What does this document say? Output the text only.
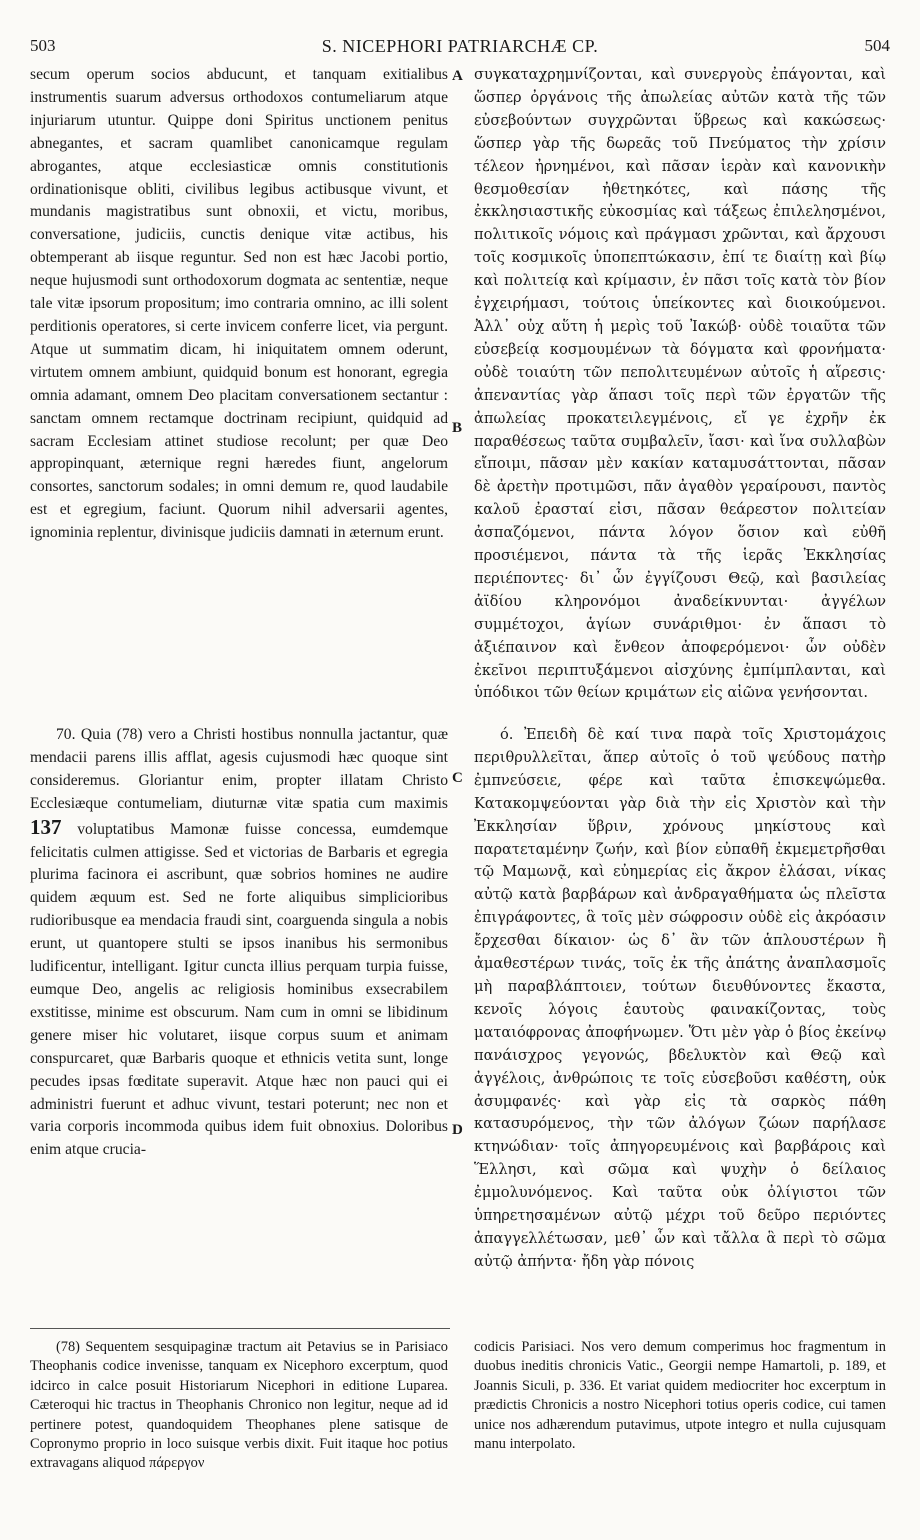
503	S. NICEPHORI PATRIARCHÆ CP.	504

secum operum socios abducunt, et tanquam exitialibus instrumentis suarum adversus orthodoxos contumeliarum atque injuriarum utuntur. Quippe doni Spiritus unctionem penitus abnegantes, et sacram quamlibet canonicamque regulam abrogantes, atque ecclesiasticæ omnis constitutionis ordinationisque obliti, civilibus legibus actibusque vivunt, et mundanis magistratibus sunt obnoxii, et victu, moribus, conversatione, judiciis, cunctis denique vitæ actibus, his obtemperant ab iisque reguntur. Sed non est hæc Jacobi portio, neque hujusmodi sunt orthodoxorum dogmata ac sententiæ, neque tale vitæ ipsorum propositum; imo contraria omnino, ac illi solent perditionis operatores, si certe invicem conferre licet, via pergunt. Atque ut summatim dicam, hi iniquitatem omnem oderunt, virtutem omnem ambiunt, quidquid bonum est honorant, egregia omnia adamant, omnem Deo placitam conversationem sectantur : sanctam omnem rectamque doctrinam recipiunt, quidquid ad sacram Ecclesiam attinet studiose recolunt; per quæ Deo appropinquant, æternique regni hæredes fiunt, angelorum consortes, sanctorum sodales; in omni demum re, quod laudabile est et egregium, faciunt. Quorum nihil adversarii agentes, ignominia replentur, divinisque judiciis damnati in æternum erunt.

συγκαταχρημνίζονται, καὶ συνεργοὺς ἐπάγονται, καὶ ὥσπερ ὀργάνοις τῆς ἀπωλείας αὐτῶν κατὰ τῆς τῶν εὐσεβούντων συγχρῶνται ὕβρεως καὶ κακώσεως· ὥσπερ γὰρ τῆς δωρεᾶς τοῦ Πνεύματος τὴν χρίσιν τέλεον ἠρνημένοι, καὶ πᾶσαν ἱερὰν καὶ κανονικὴν θεσμοθεσίαν ἠθετηκότες, καὶ πάσης τῆς ἐκκλησιαστικῆς εὐκοσμίας καὶ τάξεως ἐπιλελησμένοι, πολιτικοῖς νόμοις καὶ πράγμασι χρῶνται, καὶ ἄρχουσι τοῖς κοσμικοῖς ὑποπεπτώκασιν, ἐπί τε διαίτῃ καὶ βίῳ καὶ πολιτείᾳ καὶ κρίμασιν, ἐν πᾶσι τοῖς κατὰ τὸν βίον ἐγχειρήμασι, τούτοις ὑπείκοντες καὶ διοικούμενοι. Ἀλλ᾽ οὐχ αὕτη ἡ μερὶς τοῦ Ἰακώβ· οὐδὲ τοιαῦτα τῶν εὐσεβείᾳ κοσμουμένων τὰ δόγματα καὶ φρονήματα· οὐδὲ τοιαύτη τῶν πεπολιτευμένων αὐτοῖς ἡ αἵρεσις· ἀπεναντίας γὰρ ἅπασι τοῖς περὶ τῶν ἐργατῶν τῆς ἀπωλείας προκατειλεγμένοις, εἴ γε ἐχρῆν ἐκ παραθέσεως ταῦτα συμβαλεῖν, ἴασι· καὶ ἵνα συλλαβὼν εἴποιμι, πᾶσαν μὲν κακίαν καταμυσάττονται, πᾶσαν δὲ ἀρετὴν προτιμῶσι, πᾶν ἀγαθὸν γεραίρουσι, παντὸς καλοῦ ἐρασταί εἰσι, πᾶσαν θεάρεστον πολιτείαν ἀσπαζόμενοι, πάντα λόγον ὅσιον καὶ εὐθῆ προσιέμενοι, πάντα τὰ τῆς ἱερᾶς Ἐκκλησίας περιέποντες· δι᾽ ὧν ἐγγίζουσι Θεῷ, καὶ βασιλείας ἀϊδίου κληρονόμοι ἀναδείκνυνται· ἀγγέλων συμμέτοχοι, ἁγίων συνάριθμοι· ἐν ἅπασι τὸ ἀξιέπαινον καὶ ἔνθεον ἀποφερόμενοι· ὧν οὐδὲν ἐκεῖνοι περιπτυξάμενοι αἰσχύνης ἐμπίμπλανται, καὶ ὑπόδικοι τῶν θείων κριμάτων εἰς αἰῶνα γενήσονται.

70. Quia (78) vero a Christi hostibus nonnulla jactantur, quæ mendacii parens illis afflat, agesis cujusmodi hæc quoque sint consideremus. Gloriantur enim, propter illatam Christo Ecclesiæque contumeliam, diuturnæ vitæ spatia cum maximis 137 voluptatibus Mamonæ fuisse concessa, eumdemque felicitatis culmen attigisse. Sed et victorias de Barbaris et egregia plurima facinora ei ascribunt, quæ sobrios homines ne audire quidem æquum est. Sed ne forte aliquibus simplicioribus rudioribusque ea mendacia fraudi sint, coarguenda singula a nobis erunt, ut quantopere stulti se ipsos inanibus his sermonibus ludificentur, intelligant. Igitur cuncta illius perquam turpia fuisse, eumque Deo, angelis ac religiosis hominibus exsecrabilem exstitisse, minime est obscurum. Nam cum in omni se libidinum genere miser hic volutaret, iisque corpus suum et animam conspurcaret, quæ Barbaris quoque et ethnicis vetita sunt, longe pecudes ipsas fœditate superavit. Atque hæc non pauci qui ei administri fuerunt et adhuc vivunt, testari poterunt; nec non et varia corporis incommoda quibus idem fuit obnoxius. Doloribus enim atque crucia-

ό. Ἐπειδὴ δὲ καί τινα παρὰ τοῖς Χριστομάχοις περιθρυλλεῖται, ἅπερ αὐτοῖς ὁ τοῦ ψεύδους πατὴρ ἐμπνεύσειε, φέρε καὶ ταῦτα ἐπισκεψώμεθα. Κατακομψεύονται γὰρ διὰ τὴν εἰς Χριστὸν καὶ τὴν Ἐκκλησίαν ὕβριν, χρόνους μηκίστους καὶ παρατεταμένην ζωήν, καὶ βίον εὐπαθῆ ἐκμεμετρῆσθαι τῷ Μαμωνᾷ, καὶ εὐημερίας εἰς ἄκρον ἐλάσαι, νίκας αὐτῷ κατὰ βαρβάρων καὶ ἀνδραγαθήματα ὡς πλεῖστα ἐπιγράφοντες, ἃ τοῖς μὲν σώφροσιν οὐδὲ εἰς ἀκρόασιν ἔρχεσθαι δίκαιον· ὡς δ᾽ ἂν τῶν ἁπλουστέρων ἢ ἀμαθεστέρων τινάς, τοῖς ἐκ τῆς ἀπάτης ἀναπλασμοῖς μὴ παραβλάπτοιεν, τούτων διευθύνοντες ἕκαστα, κενοῖς λόγοις ἑαυτοὺς φαινακίζοντας, τοὺς ματαιόφρονας ἀποφήνωμεν. Ὅτι μὲν γὰρ ὁ βίος ἐκείνῳ πανάισχρος γεγονώς, βδελυκτὸν καὶ Θεῷ καὶ ἀγγέλοις, ἀνθρώποις τε τοῖς εὐσεβοῦσι καθέστη, οὐκ ἀσυμφανές· καὶ γὰρ εἰς τὰ σαρκὸς πάθη κατασυρόμενος, τὴν τῶν ἀλόγων ζώων παρήλασε κτηνώδιαν· τοῖς ἀπηγορευμένοις καὶ βαρβάροις καὶ Ἕλλησι, καὶ σῶμα καὶ ψυχὴν ὁ δείλαιος ἐμμολυνόμενος. Καὶ ταῦτα οὐκ ὀλίγιστοι τῶν ὑπηρετησαμένων αὐτῷ μέχρι τοῦ δεῦρο περιόντες ἀπαγγελλέτωσαν, μεθ᾽ ὧν καὶ τἄλλα ἃ περὶ τὸ σῶμα αὐτῷ ἀπήντα· ἤδη γὰρ πόνοις

A
B
C
D

(78) Sequentem sesquipaginæ tractum ait Petavius se in Parisiaco Theophanis codice invenisse, tanquam ex Nicephoro excerptum, quod idcirco in calce posuit Historiarum Nicephori in editione Luparea. Cæteroqui hic tractus in Theophanis Chronico non legitur, neque ad id pertinere potest, quandoquidem Theophanes plene satisque de Copronymo proprio in loco suisque verbis dixit. Fuit itaque hoc potius extravagans aliquod πάρεργον

codicis Parisiaci. Nos vero demum comperimus hoc fragmentum in duobus ineditis chronicis Vatic., Georgii nempe Hamartoli, p. 189, et Joannis Siculi, p. 336. Et variat quidem mediocriter hoc excerptum in prædictis Chronicis a nostro Nicephori totius operis codice, cui tamen unice nos adhærendum putavimus, utpote integro et nulla cujusquam manu interpolato.
